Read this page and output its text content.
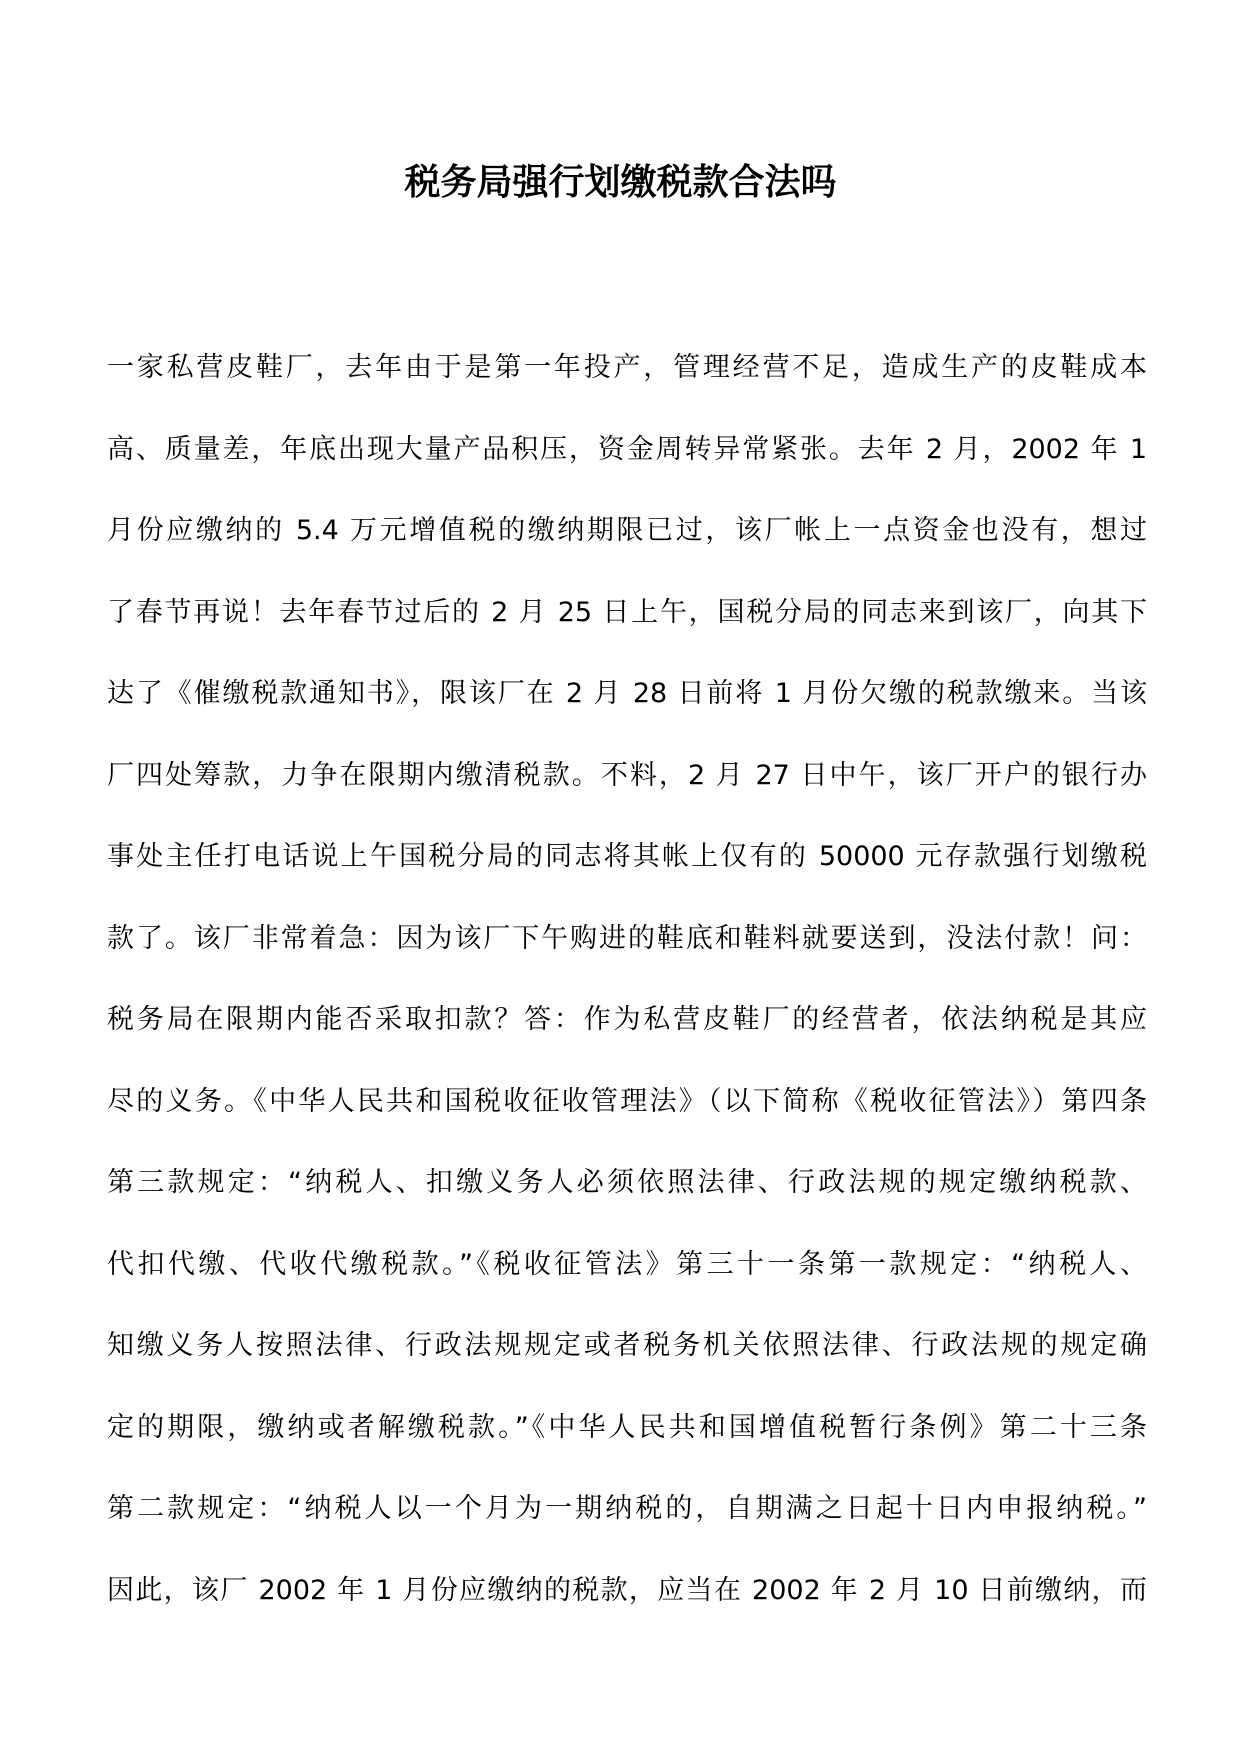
税务局强行划缴税款合法吗
一家私营皮鞋厂，去年由于是第一年投产，管理经营不足，造成生产的皮鞋成本
高、质量差，年底出现大量产品积压，资金周转异常紧张。去年 2 月，2002 年 1
月份应缴纳的 5.4 万元增值税的缴纳期限已过，该厂帐上一点资金也没有，想过
了春节再说！去年春节过后的 2 月 25 日上午，国税分局的同志来到该厂，向其下
达了《催缴税款通知书》，限该厂在 2 月 28 日前将 1 月份欠缴的税款缴来。当该
厂四处筹款，力争在限期内缴清税款。不料，2 月 27 日中午，该厂开户的银行办
事处主任打电话说上午国税分局的同志将其帐上仅有的 50000 元存款强行划缴税
款了。该厂非常着急：因为该厂下午购进的鞋底和鞋料就要送到，没法付款！问：
税务局在限期内能否采取扣款？答：作为私营皮鞋厂的经营者，依法纳税是其应
尽的义务。《中华人民共和国税收征收管理法》（以下简称《税收征管法》）第四条
第三款规定：“纳税人、扣缴义务人必须依照法律、行政法规的规定缴纳税款、
代扣代缴、代收代缴税款。”《税收征管法》第三十一条第一款规定：“纳税人、
知缴义务人按照法律、行政法规规定或者税务机关依照法律、行政法规的规定确
定的期限，缴纳或者解缴税款。”《中华人民共和国增值税暂行条例》第二十三条
第二款规定：“纳税人以一个月为一期纳税的，自期满之日起十日内申报纳税。”
因此，该厂 2002 年 1 月份应缴纳的税款，应当在 2002 年 2 月 10 日前缴纳，而
